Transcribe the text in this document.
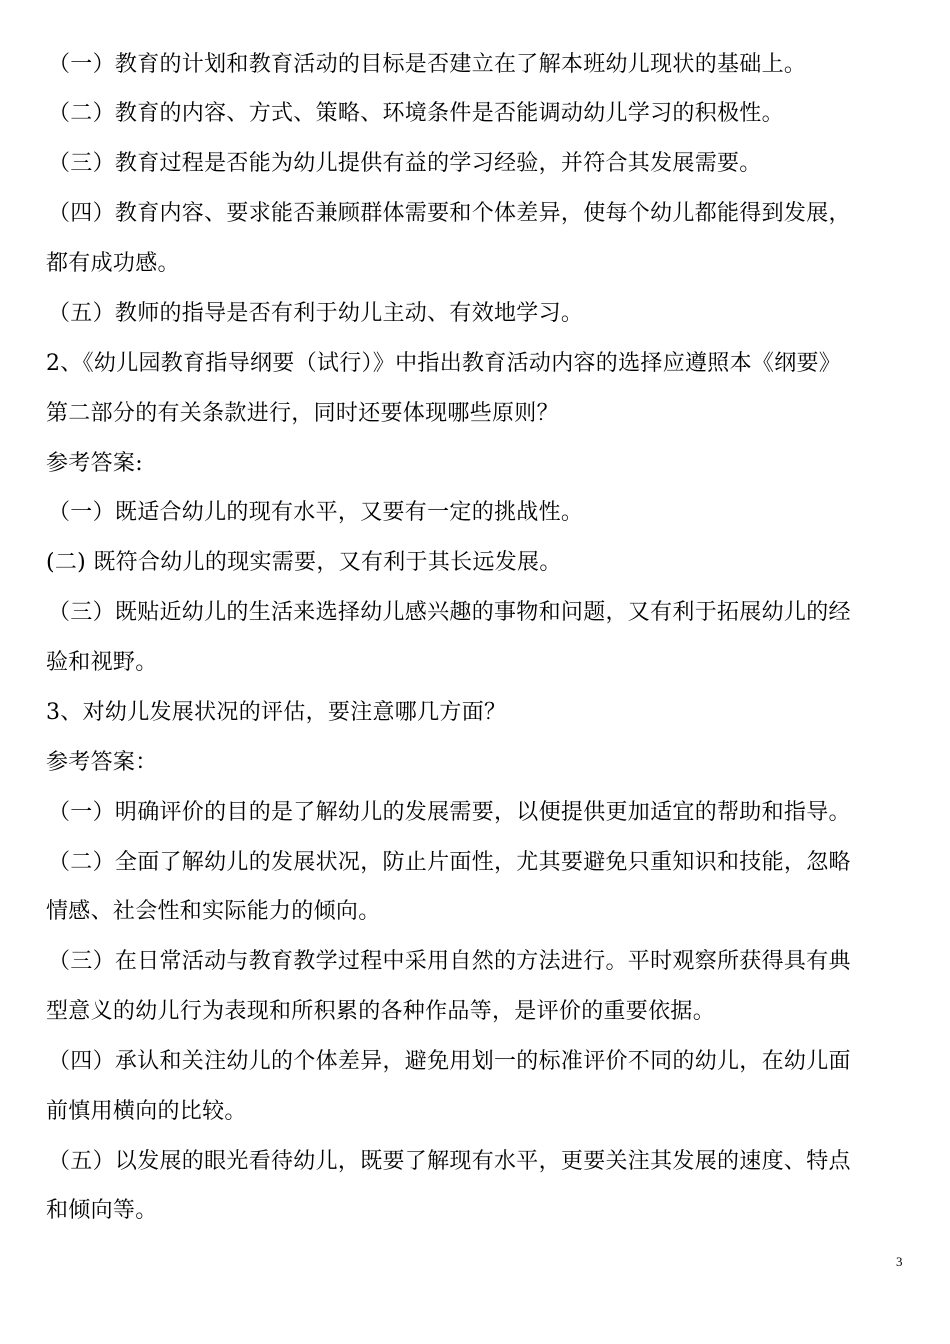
（一）教育的计划和教育活动的目标是否建立在了解本班幼儿现状的基础上。
（二）教育的内容、方式、策略、环境条件是否能调动幼儿学习的积极性。
（三）教育过程是否能为幼儿提供有益的学习经验，并符合其发展需要。
（四）教育内容、要求能否兼顾群体需要和个体差异，使每个幼儿都能得到发展，
都有成功感。
（五）教师的指导是否有利于幼儿主动、有效地学习。
2、《幼儿园教育指导纲要（试行）》中指出教育活动内容的选择应遵照本《纲要》
第二部分的有关条款进行，同时还要体现哪些原则？
参考答案:
（一）既适合幼儿的现有水平，又要有一定的挑战性。
(二) 既符合幼儿的现实需要，又有利于其长远发展。
（三）既贴近幼儿的生活来选择幼儿感兴趣的事物和问题，又有利于拓展幼儿的经
验和视野。
3、对幼儿发展状况的评估，要注意哪几方面？
参考答案：
（一）明确评价的目的是了解幼儿的发展需要，以便提供更加适宜的帮助和指导。
（二）全面了解幼儿的发展状况，防止片面性，尤其要避免只重知识和技能，忽略
情感、社会性和实际能力的倾向。
（三）在日常活动与教育教学过程中采用自然的方法进行。平时观察所获得具有典
型意义的幼儿行为表现和所积累的各种作品等，是评价的重要依据。
（四）承认和关注幼儿的个体差异，避免用划一的标准评价不同的幼儿，在幼儿面
前慎用横向的比较。
（五）以发展的眼光看待幼儿，既要了解现有水平，更要关注其发展的速度、特点
和倾向等。
3
